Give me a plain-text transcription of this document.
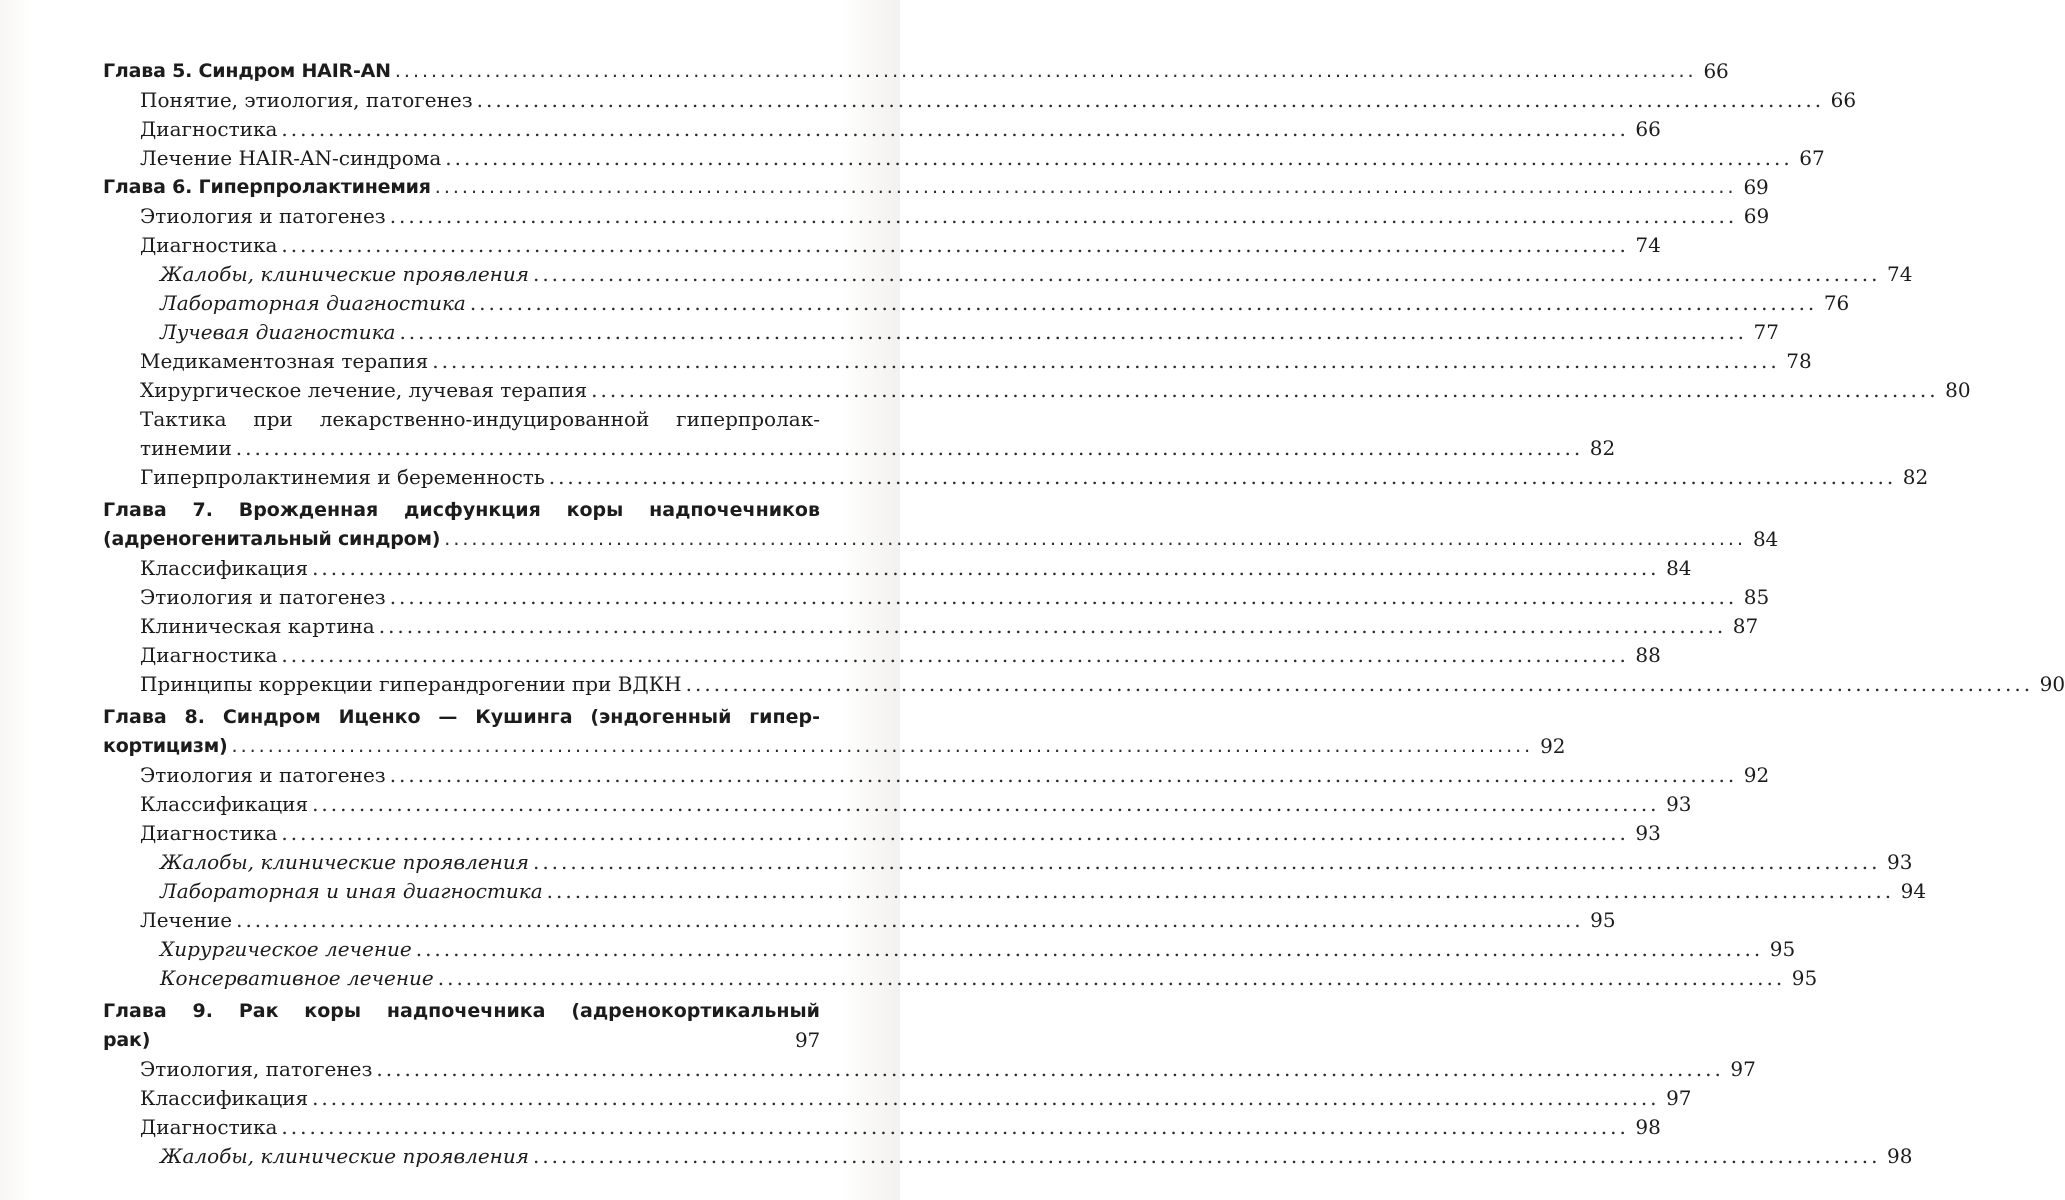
Глава 5. Синдром HAIR-AN ................................................................................................................................................ 66
Понятие, этиология, патогенез ................................................................................................................................................ 66
Диагностика ................................................................................................................................................ 66
Лечение HAIR-AN-синдрома ................................................................................................................................................ 67
Глава 6. Гиперпролактинемия ................................................................................................................................................ 69
Этиология и патогенез ................................................................................................................................................ 69
Диагностика ................................................................................................................................................ 74
Жалобы, клинические проявления ................................................................................................................................................ 74
Лабораторная диагностика ................................................................................................................................................ 76
Лучевая диагностика ................................................................................................................................................ 77
Медикаментозная терапия ................................................................................................................................................ 78
Хирургическое лечение, лучевая терапия ................................................................................................................................................ 80
Тактика при лекарственно-индуцированной гиперпролак-
тинемии ................................................................................................................................................ 82
Гиперпролактинемия и беременность ................................................................................................................................................ 82
Глава 7. Врожденная дисфункция коры надпочечников
(адреногенитальный синдром) ................................................................................................................................................ 84
Классификация ................................................................................................................................................ 84
Этиология и патогенез ................................................................................................................................................ 85
Клиническая картина ................................................................................................................................................ 87
Диагностика ................................................................................................................................................ 88
Принципы коррекции гиперандрогении при ВДКН ................................................................................................................................................ 90
Глава 8. Синдром Иценко — Кушинга (эндогенный гипер-
кортицизм) ................................................................................................................................................ 92
Этиология и патогенез ................................................................................................................................................ 92
Классификация ................................................................................................................................................ 93
Диагностика ................................................................................................................................................ 93
Жалобы, клинические проявления ................................................................................................................................................ 93
Лабораторная и иная диагностика ................................................................................................................................................ 94
Лечение ................................................................................................................................................ 95
Хирургическое лечение ................................................................................................................................................ 95
Консервативное лечение ................................................................................................................................................ 95
Глава 9. Рак коры надпочечника (адренокортикальный
рак)	97
Этиология, патогенез ................................................................................................................................................ 97
Классификация ................................................................................................................................................ 97
Диагностика ................................................................................................................................................ 98
Жалобы, клинические проявления ................................................................................................................................................ 98
